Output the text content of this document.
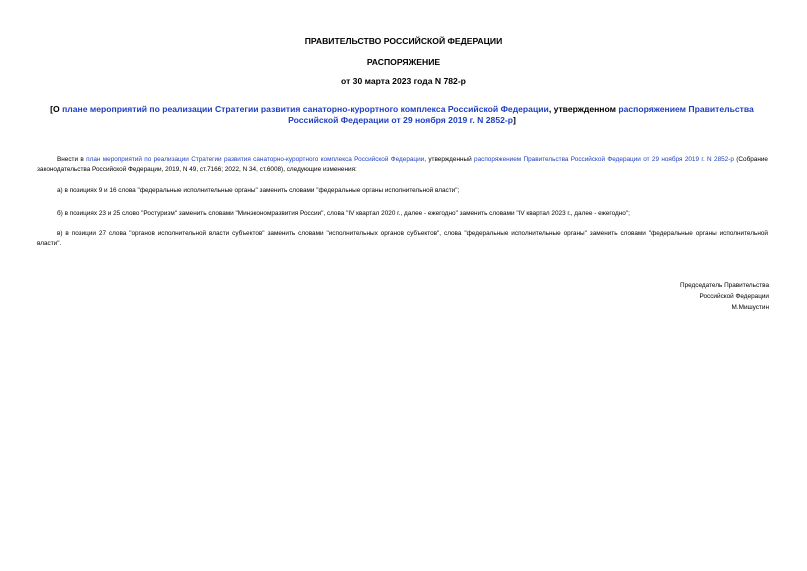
ПРАВИТЕЛЬСТВО РОССИЙСКОЙ ФЕДЕРАЦИИ
РАСПОРЯЖЕНИЕ
от 30 марта 2023 года N 782-р
[О плане мероприятий по реализации Стратегии развития санаторно-курортного комплекса Российской Федерации, утвержденном распоряжением Правительства Российской Федерации от 29 ноября 2019 г. N 2852-р]
Внести в план мероприятий по реализации Стратегии развития санаторно-курортного комплекса Российской Федерации, утвержденный распоряжением Правительства Российской Федерации от 29 ноября 2019 г. N 2852-р (Собрание законодательства Российской Федерации, 2019, N 49, ст.7166; 2022, N 34, ст.6008), следующие изменения:
а) в позициях 9 и 16 слова "федеральные исполнительные органы" заменить словами "федеральные органы исполнительной власти";
б) в позициях 23 и 25 слово "Ростуризм" заменить словами "Минэкономразвития России", слова "IV квартал 2020 г., далее - ежегодно" заменить словами "IV квартал 2023 г., далее - ежегодно";
в) в позиции 27 слова "органов исполнительной власти субъектов" заменить словами "исполнительных органов субъектов", слова "федеральные исполнительные органы" заменить словами "федеральные органы исполнительной власти".
Председатель Правительства
Российской Федерации
М.Мишустин
